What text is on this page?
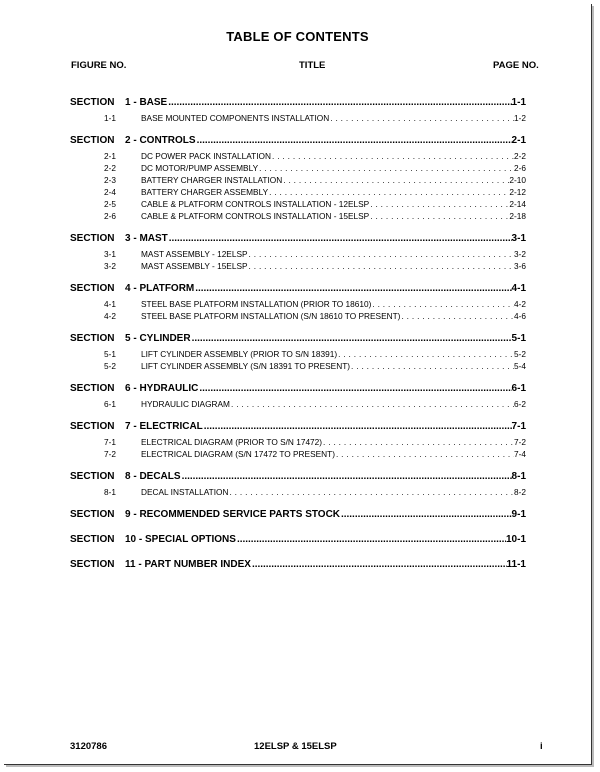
TABLE OF CONTENTS
FIGURE NO.	TITLE	PAGE NO.
3120786	12ELSP & 15ELSP	i
SECTION	1 - BASE . . .	1-1
1-1	BASE MOUNTED COMPONENTS INSTALLATION . . .	1-2
SECTION	2 - CONTROLS . . .	2-1
2-1	DC POWER PACK INSTALLATION . . .	2-2
2-2	DC MOTOR/PUMP ASSEMBLY . . .	2-6
2-3	BATTERY CHARGER INSTALLATION . . .	2-10
2-4	BATTERY CHARGER ASSEMBLY . . .	2-12
2-5	CABLE & PLATFORM CONTROLS INSTALLATION - 12ELSP . . .	2-14
2-6	CABLE & PLATFORM CONTROLS INSTALLATION - 15ELSP . . .	2-18
SECTION	3 - MAST . . .	3-1
3-1	MAST ASSEMBLY - 12ELSP . . .	3-2
3-2	MAST ASSEMBLY - 15ELSP . . .	3-6
SECTION	4 - PLATFORM . . .	4-1
4-1	STEEL BASE PLATFORM INSTALLATION (PRIOR TO 18610) . . .	4-2
4-2	STEEL BASE PLATFORM INSTALLATION (S/N 18610 TO PRESENT) . . .	4-6
SECTION	5 - CYLINDER . . .	5-1
5-1	LIFT CYLINDER ASSEMBLY (PRIOR TO S/N 18391) . . .	5-2
5-2	LIFT CYLINDER ASSEMBLY (S/N 18391 TO PRESENT) . . .	5-4
SECTION	6 - HYDRAULIC . . .	6-1
6-1	HYDRAULIC DIAGRAM . . .	6-2
SECTION	7 - ELECTRICAL . . .	7-1
7-1	ELECTRICAL DIAGRAM (PRIOR TO S/N 17472) . . .	7-2
7-2	ELECTRICAL DIAGRAM (S/N 17472 TO PRESENT) . . .	7-4
SECTION	8 - DECALS . . .	8-1
8-1	DECAL INSTALLATION . . .	8-2
SECTION	9 - RECOMMENDED SERVICE PARTS STOCK . . .	9-1
SECTION	10 - SPECIAL OPTIONS . . .	10-1
SECTION	11 - PART NUMBER INDEX . . .	11-1
